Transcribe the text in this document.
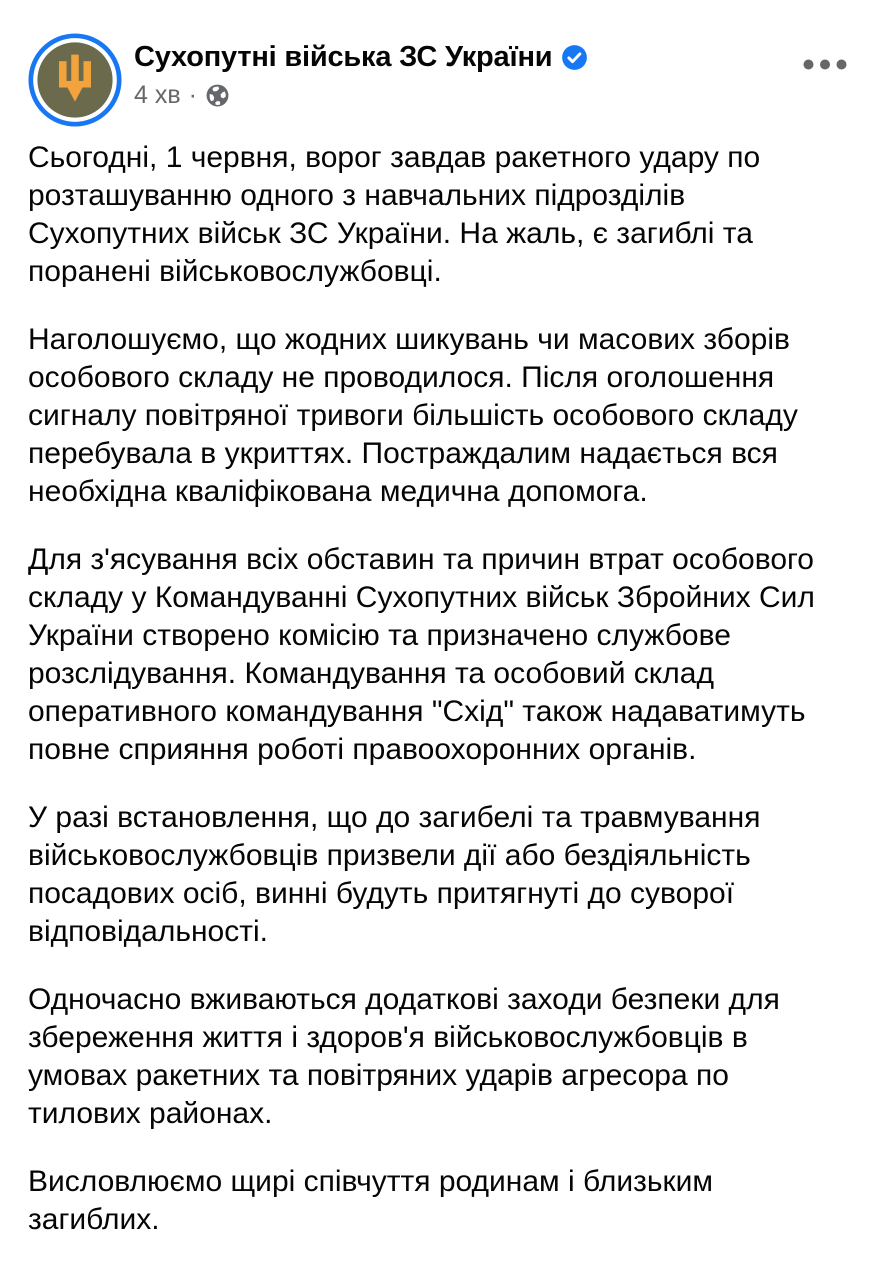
Сухопутні війська ЗС України
4 хв ·

Сьогодні, 1 червня, ворог завдав ракетного удару по розташуванню одного з навчальних підрозділів Сухопутних військ ЗС України. На жаль, є загиблі та поранені військовослужбовці.

Наголошуємо, що жодних шикувань чи масових зборів особового складу не проводилося. Після оголошення сигналу повітряної тривоги більшість особового складу перебувала в укриттях. Постраждалим надається вся необхідна кваліфікована медична допомога.

Для з'ясування всіх обставин та причин втрат особового складу у Командуванні Сухопутних військ Збройних Сил України створено комісію та призначено службове розслідування. Командування та особовий склад оперативного командування "Схід" також надаватимуть повне сприяння роботі правоохоронних органів.

У разі встановлення, що до загибелі та травмування військовослужбовців призвели дії або бездіяльність посадових осіб, винні будуть притягнуті до суворої відповідальності.

Одночасно вживаються додаткові заходи безпеки для збереження життя і здоров'я військовослужбовців в умовах ракетних та повітряних ударів агресора по тилових районах.

Висловлюємо щирі співчуття родинам і близьким загиблих.
